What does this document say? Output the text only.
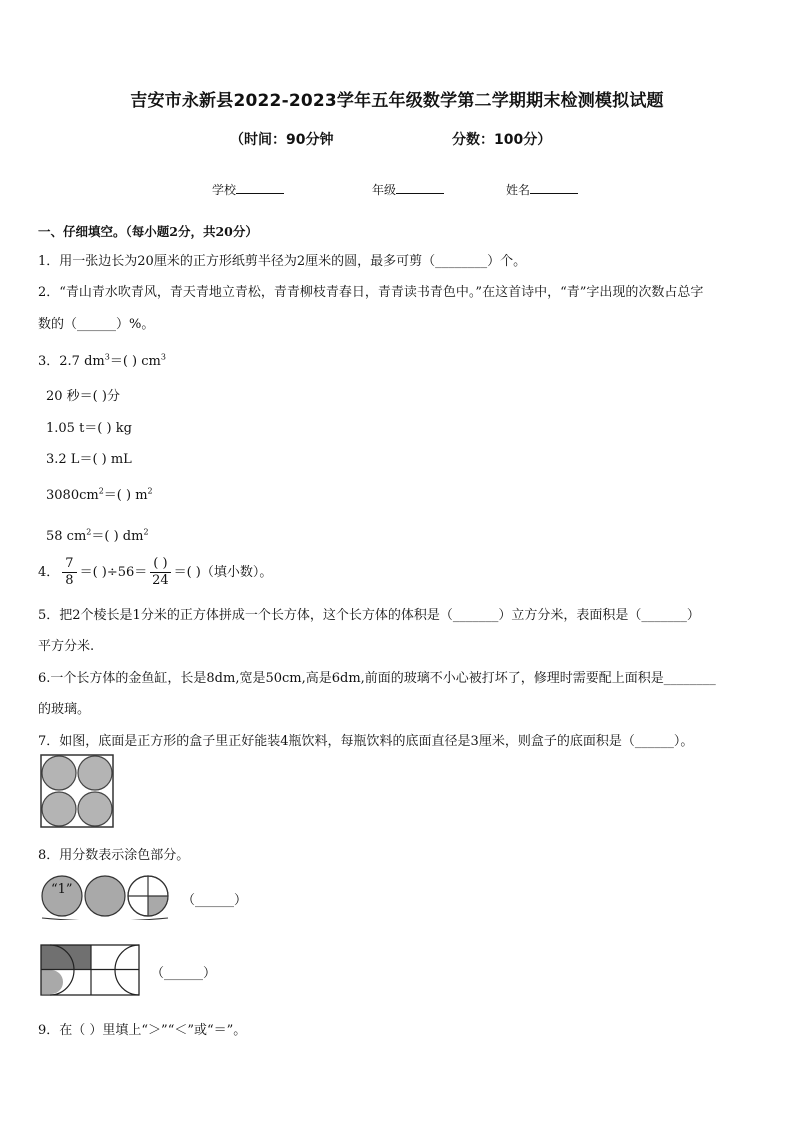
吉安市永新县2022-2023学年五年级数学第二学期期末检测模拟试题
（时间：90分钟	分数：100分）
学校	年级	姓名
一、仔细填空。（每小题2分，共20分）
1．用一张边长为20厘米的正方形纸剪半径为2厘米的圆，最多可剪（________）个。
2．“青山青水吹青风，青天青地立青松，青青柳枝青春日，青青读书青色中。”在这首诗中，“青”字出现的次数占总字
数的（______）%。
3．2.7 $dm^3=$( ) $cm^3$
20 秒＝( )分
1.05 t＝( ) kg
3.2 L＝( ) mL
$3080cm^2=$( ) $m^2$
58 $cm^2=$( ) $dm^2$
4． $\frac{7}{8}$ ＝( )$\div 56= \frac{( )}{24}$ ＝( )（填小数）。
5．把2个棱长是1分米的正方体拼成一个长方体，这个长方体的体积是（_______）立方分米，表面积是（_______）
平方分米.
6.一个长方体的金鱼缸，长是8dm,宽是50cm,高是6dm,前面的玻璃不小心被打坏了，修理时需要配上面积是________
的玻璃。
7．如图，底面是正方形的盒子里正好能装4瓶饮料，每瓶饮料的底面直径是3厘米，则盒子的底面积是（______）。
8．用分数表示涂色部分。
“1”
（______）
（______）
9．在（ ）里填上“＞”“＜”或“＝”。
